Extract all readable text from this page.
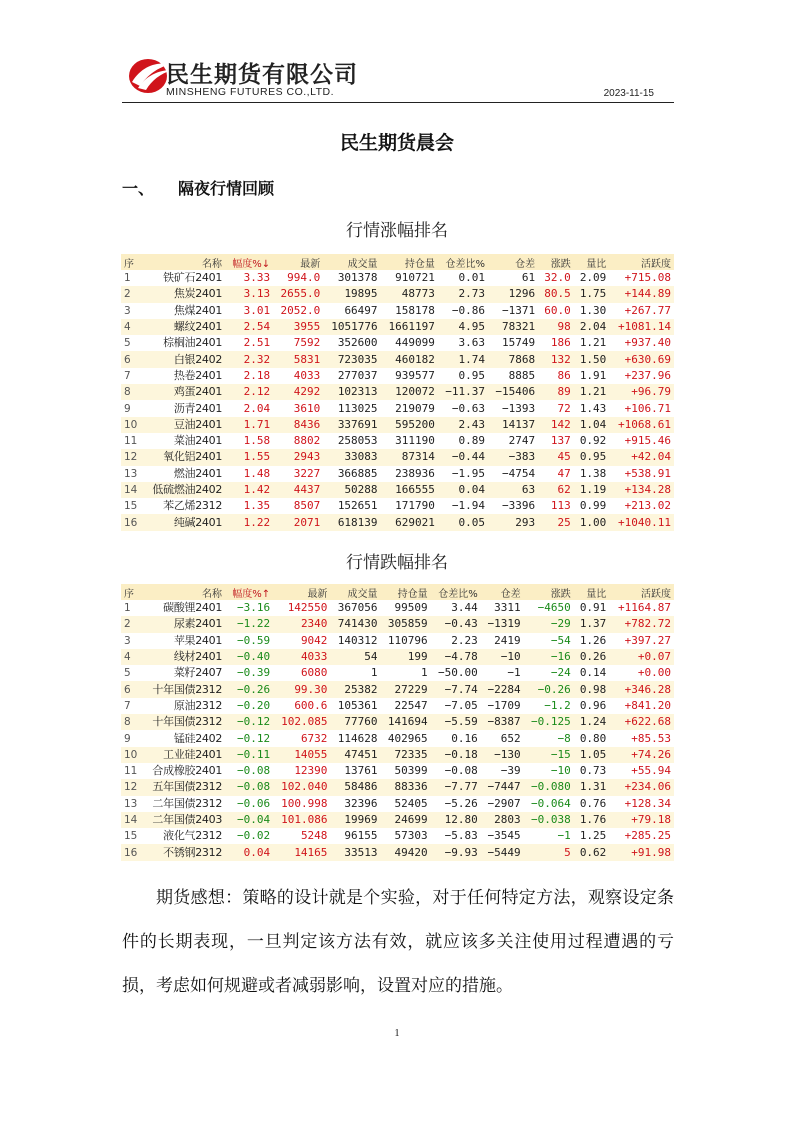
民生期货有限公司
MINSHENG FUTURES CO.,LTD.	2023-11-15
民生期货晨会
一、 隔夜行情回顾
行情涨幅排名
序	名称	幅度%↓	最新	成交量	持仓量	仓差比%	仓差	涨跌	量比	活跃度
1	铁矿石2401	3.33	994.0	301378	910721	0.01	61	32.0	2.09	+715.08
2	焦炭2401	3.13	2655.0	19895	48773	2.73	1296	80.5	1.75	+144.89
3	焦煤2401	3.01	2052.0	66497	158178	−0.86	−1371	60.0	1.30	+267.77
4	螺纹2401	2.54	3955	1051776	1661197	4.95	78321	98	2.04	+1081.14
5	棕榈油2401	2.51	7592	352600	449099	3.63	15749	186	1.21	+937.40
6	白银2402	2.32	5831	723035	460182	1.74	7868	132	1.50	+630.69
7	热卷2401	2.18	4033	277037	939577	0.95	8885	86	1.91	+237.96
8	鸡蛋2401	2.12	4292	102313	120072	−11.37	−15406	89	1.21	+96.79
9	沥青2401	2.04	3610	113025	219079	−0.63	−1393	72	1.43	+106.71
10	豆油2401	1.71	8436	337691	595200	2.43	14137	142	1.04	+1068.61
11	菜油2401	1.58	8802	258053	311190	0.89	2747	137	0.92	+915.46
12	氧化铝2401	1.55	2943	33083	87314	−0.44	−383	45	0.95	+42.04
13	燃油2401	1.48	3227	366885	238936	−1.95	−4754	47	1.38	+538.91
14	低硫燃油2402	1.42	4437	50288	166555	0.04	63	62	1.19	+134.28
15	苯乙烯2312	1.35	8507	152651	171790	−1.94	−3396	113	0.99	+213.02
16	纯碱2401	1.22	2071	618139	629021	0.05	293	25	1.00	+1040.11
行情跌幅排名
序	名称	幅度%↑	最新	成交量	持仓量	仓差比%	仓差	涨跌	量比	活跃度
1	碳酸锂2401	−3.16	142550	367056	99509	3.44	3311	−4650	0.91	+1164.87
2	尿素2401	−1.22	2340	741430	305859	−0.43	−1319	−29	1.37	+782.72
3	苹果2401	−0.59	9042	140312	110796	2.23	2419	−54	1.26	+397.27
4	线材2401	−0.40	4033	54	199	−4.78	−10	−16	0.26	+0.07
5	菜籽2407	−0.39	6080	1	1	−50.00	−1	−24	0.14	+0.00
6	十年国债2312	−0.26	99.30	25382	27229	−7.74	−2284	−0.26	0.98	+346.28
7	原油2312	−0.20	600.6	105361	22547	−7.05	−1709	−1.2	0.96	+841.20
8	十年国债2312	−0.12	102.085	77760	141694	−5.59	−8387	−0.125	1.24	+622.68
9	锰硅2402	−0.12	6732	114628	402965	0.16	652	−8	0.80	+85.53
10	工业硅2401	−0.11	14055	47451	72335	−0.18	−130	−15	1.05	+74.26
11	合成橡胶2401	−0.08	12390	13761	50399	−0.08	−39	−10	0.73	+55.94
12	五年国债2312	−0.08	102.040	58486	88336	−7.77	−7447	−0.080	1.31	+234.06
13	二年国债2312	−0.06	100.998	32396	52405	−5.26	−2907	−0.064	0.76	+128.34
14	二年国债2403	−0.04	101.086	19969	24699	12.80	2803	−0.038	1.76	+79.18
15	液化气2312	−0.02	5248	96155	57303	−5.83	−3545	−1	1.25	+285.25
16	不锈钢2312	0.04	14165	33513	49420	−9.93	−5449	5	0.62	+91.98
期货感想：策略的设计就是个实验，对于任何特定方法，观察设定条件的长期表现，一旦判定该方法有效，就应该多关注使用过程遭遇的亏损，考虑如何规避或者减弱影响，设置对应的措施。
1
